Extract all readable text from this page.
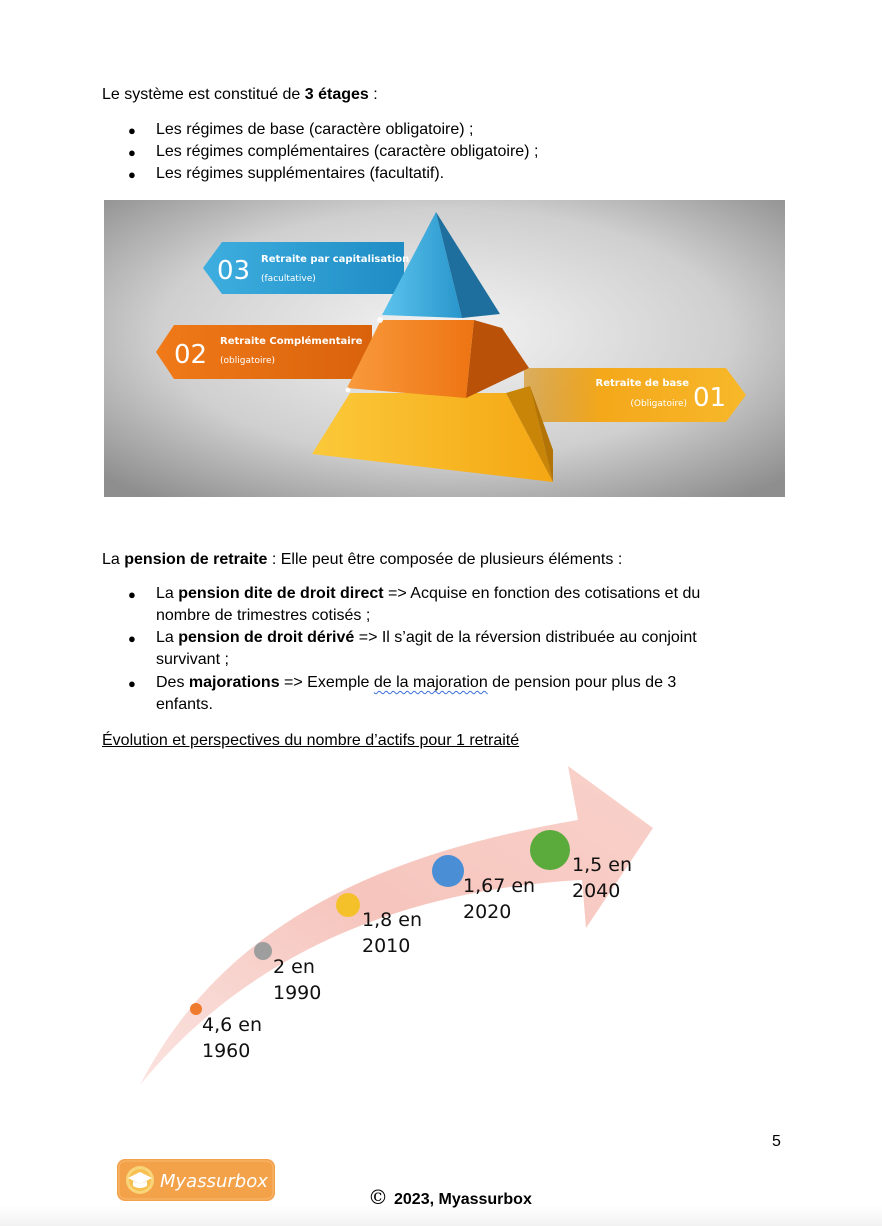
Le système est constitué de 3 étages :
● Les régimes de base (caractère obligatoire) ;
● Les régimes complémentaires (caractère obligatoire) ;
● Les régimes supplémentaires (facultatif).
03 Retraite par capitalisation
(facultative)
02 Retraite Complémentaire
(obligatoire)
Retraite de base
(Obligatoire) 01
La pension de retraite : Elle peut être composée de plusieurs éléments :
● La pension dite de droit direct => Acquise en fonction des cotisations et du
nombre de trimestres cotisés ;
● La pension de droit dérivé => Il s’agit de la réversion distribuée au conjoint
survivant ;
● Des majorations => Exemple de la majoration de pension pour plus de 3
enfants.
Évolution et perspectives du nombre d’actifs pour 1 retraité
4,6 en
1960
2 en
1990
1,8 en
2010
1,67 en
2020
1,5 en
2040
5
Myassurbox
© 2023, Myassurbox
